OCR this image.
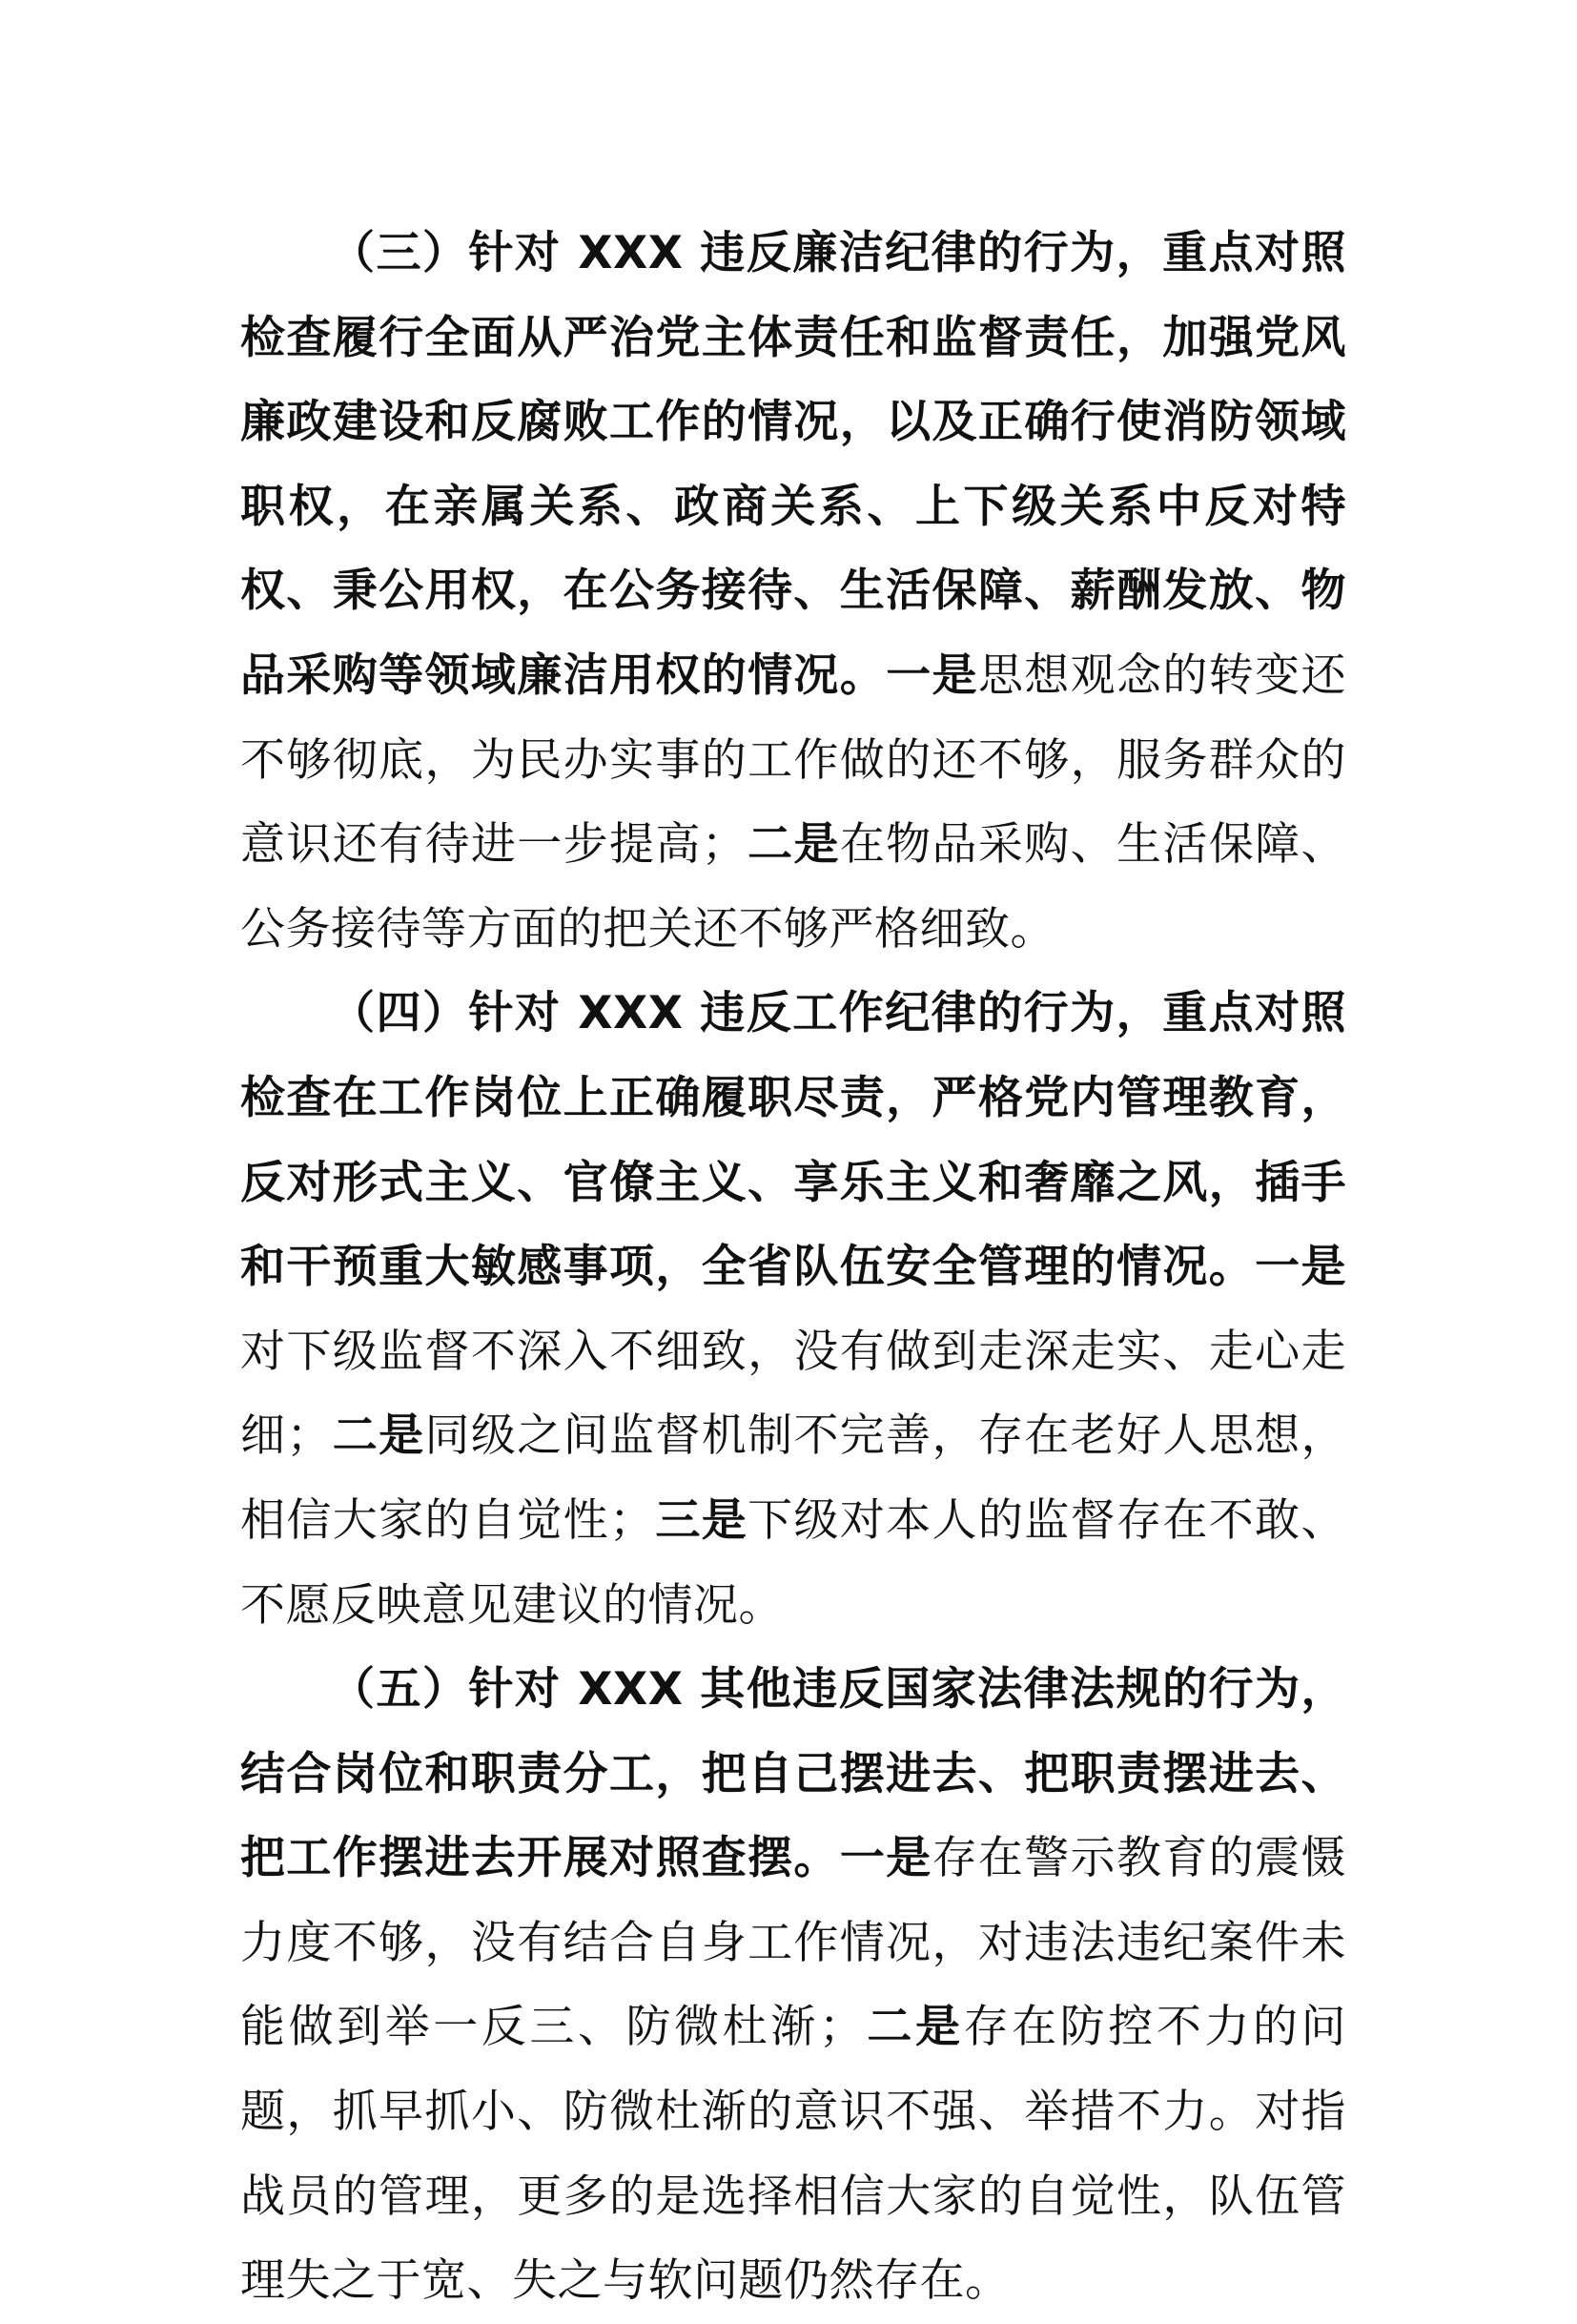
（三）针对 XXX 违反廉洁纪律的行为，重点对照检查履行全面从严治党主体责任和监督责任，加强党风廉政建设和反腐败工作的情况，以及正确行使消防领域职权，在亲属关系、政商关系、上下级关系中反对特权、秉公用权，在公务接待、生活保障、薪酬发放、物品采购等领域廉洁用权的情况。一是思想观念的转变还不够彻底，为民办实事的工作做的还不够，服务群众的意识还有待进一步提高；二是在物品采购、生活保障、公务接待等方面的把关还不够严格细致。

（四）针对 XXX 违反工作纪律的行为，重点对照检查在工作岗位上正确履职尽责，严格党内管理教育，反对形式主义、官僚主义、享乐主义和奢靡之风，插手和干预重大敏感事项，全省队伍安全管理的情况。一是对下级监督不深入不细致，没有做到走深走实、走心走细；二是同级之间监督机制不完善，存在老好人思想，相信大家的自觉性；三是下级对本人的监督存在不敢、不愿反映意见建议的情况。

（五）针对 XXX 其他违反国家法律法规的行为，结合岗位和职责分工，把自己摆进去、把职责摆进去、把工作摆进去开展对照查摆。一是存在警示教育的震慑力度不够，没有结合自身工作情况，对违法违纪案件未能做到举一反三、防微杜渐；二是存在防控不力的问题，抓早抓小、防微杜渐的意识不强、举措不力。对指战员的管理，更多的是选择相信大家的自觉性，队伍管理失之于宽、失之与软问题仍然存在。
